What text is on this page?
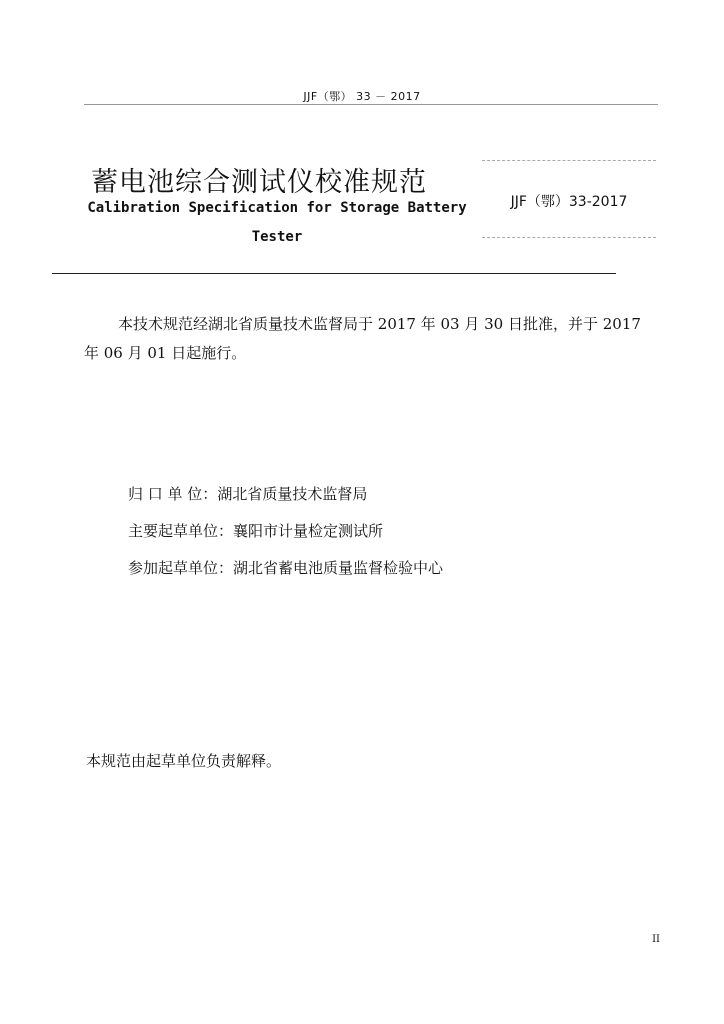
JJF（鄂） 33 － 2017
蓄电池综合测试仪校准规范
Calibration Specification for Storage Battery
Tester
JJF（鄂）33-2017
本技术规范经湖北省质量技术监督局于 2017 年 03 月 30 日批准，并于 2017 年 06 月 01 日起施行。
归 口 单 位：湖北省质量技术监督局
主要起草单位：襄阳市计量检定测试所
参加起草单位：湖北省蓄电池质量监督检验中心
本规范由起草单位负责解释。
II
